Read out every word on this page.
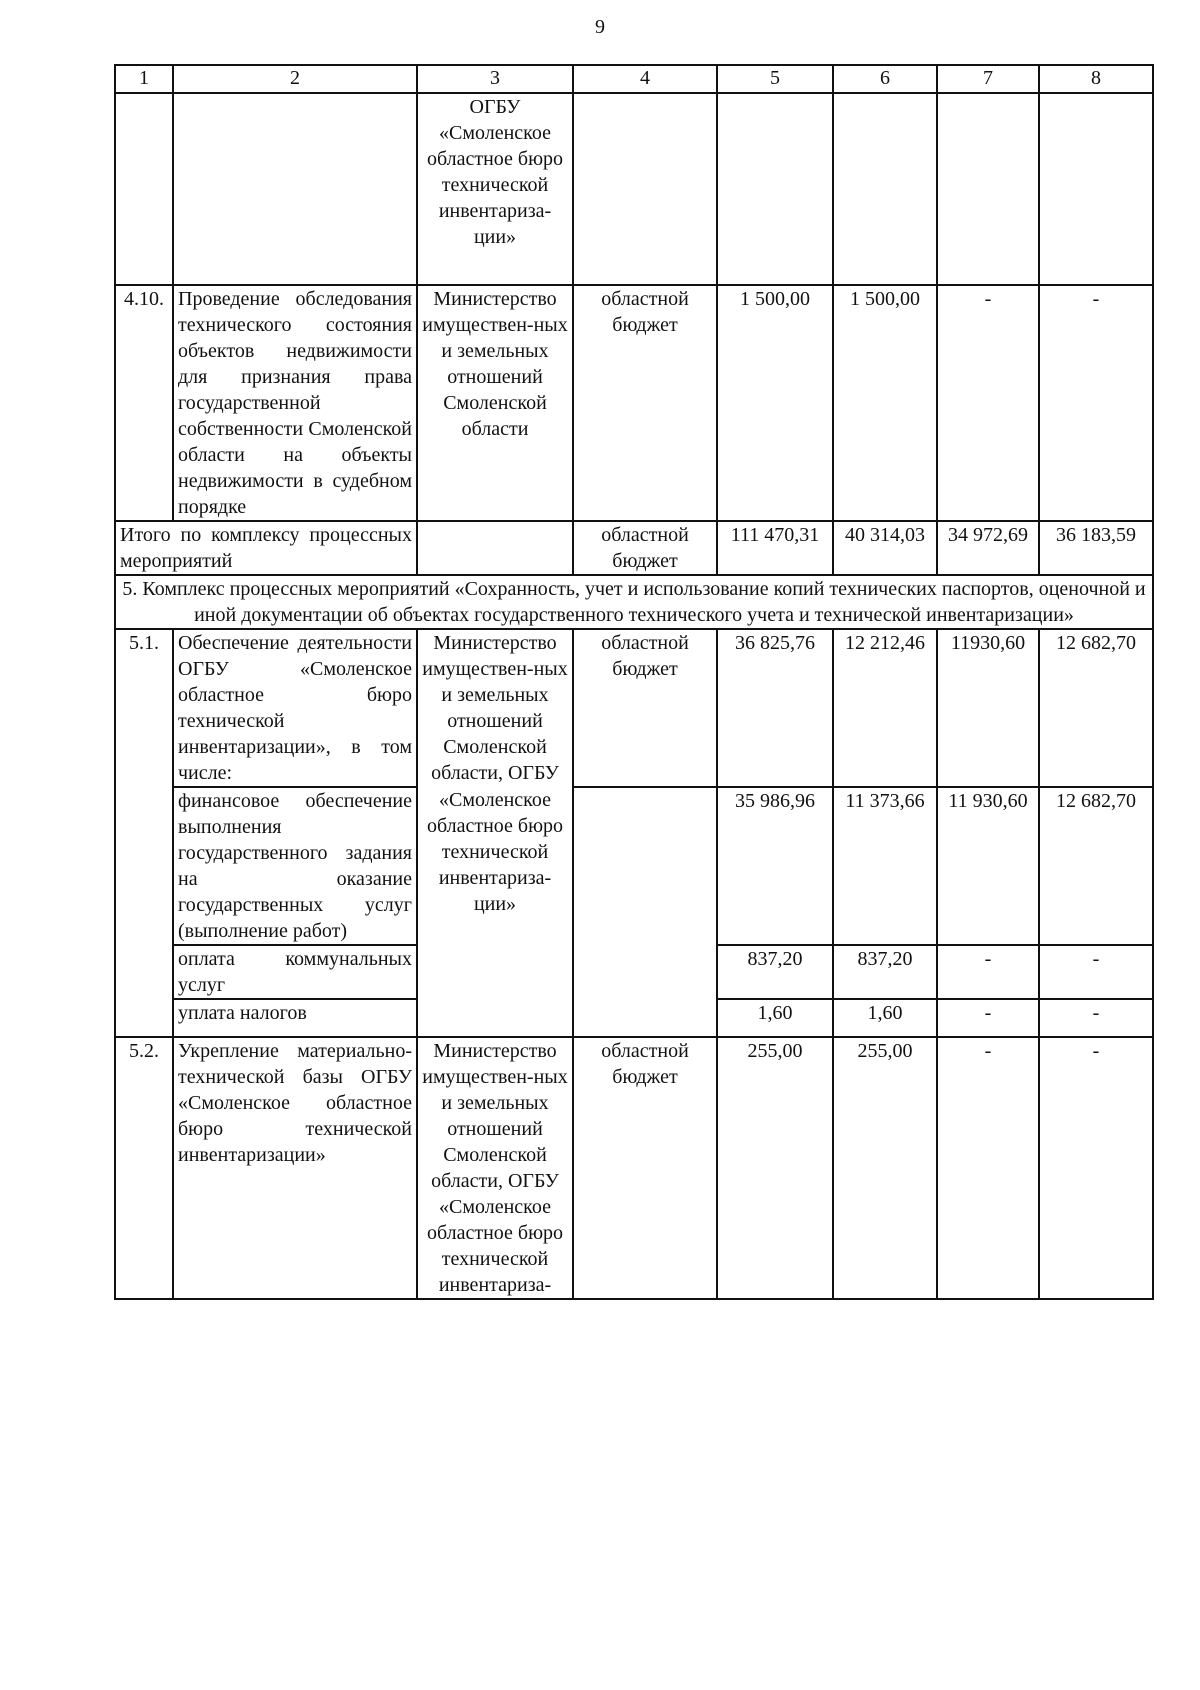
9
1	2	3	4	5	6	7	8
		ОГБУ «Смоленское областное бюро технической инвентариза-ции»					
4.10.	Проведение обследования технического состояния объектов недвижимости для признания права государственной собственности Смоленской области на объекты недвижимости в судебном порядке	Министерство имуществен-ных и земельных отношений Смоленской области	областной бюджет	1 500,00	1 500,00	-	-
Итого по комплексу процессных мероприятий			областной бюджет	111 470,31	40 314,03	34 972,69	36 183,59
5. Комплекс процессных мероприятий «Сохранность, учет и использование копий технических паспортов, оценочной и иной документации об объектах государственного технического учета и технической инвентаризации»							
5.1.	Обеспечение деятельности ОГБУ «Смоленское областное бюро технической инвентаризации», в том числе:	Министерство имуществен-ных и земельных отношений Смоленской области, ОГБУ	областной бюджет	36 825,76	12 212,46	11930,60	12 682,70
	финансовое обеспечение выполнения государственного задания на оказание государственных услуг (выполнение работ)	«Смоленское областное бюро технической инвентариза-ции»		35 986,96	11 373,66	11 930,60	12 682,70
	оплата коммунальных услуг			837,20	837,20	-	-
	уплата налогов			1,60	1,60	-	-
5.2.	Укрепление материально-технической базы ОГБУ «Смоленское областное бюро технической инвентаризации»	Министерство имуществен-ных и земельных отношений Смоленской области, ОГБУ «Смоленское областное бюро технической инвентариза-	областной бюджет	255,00	255,00	-	-
